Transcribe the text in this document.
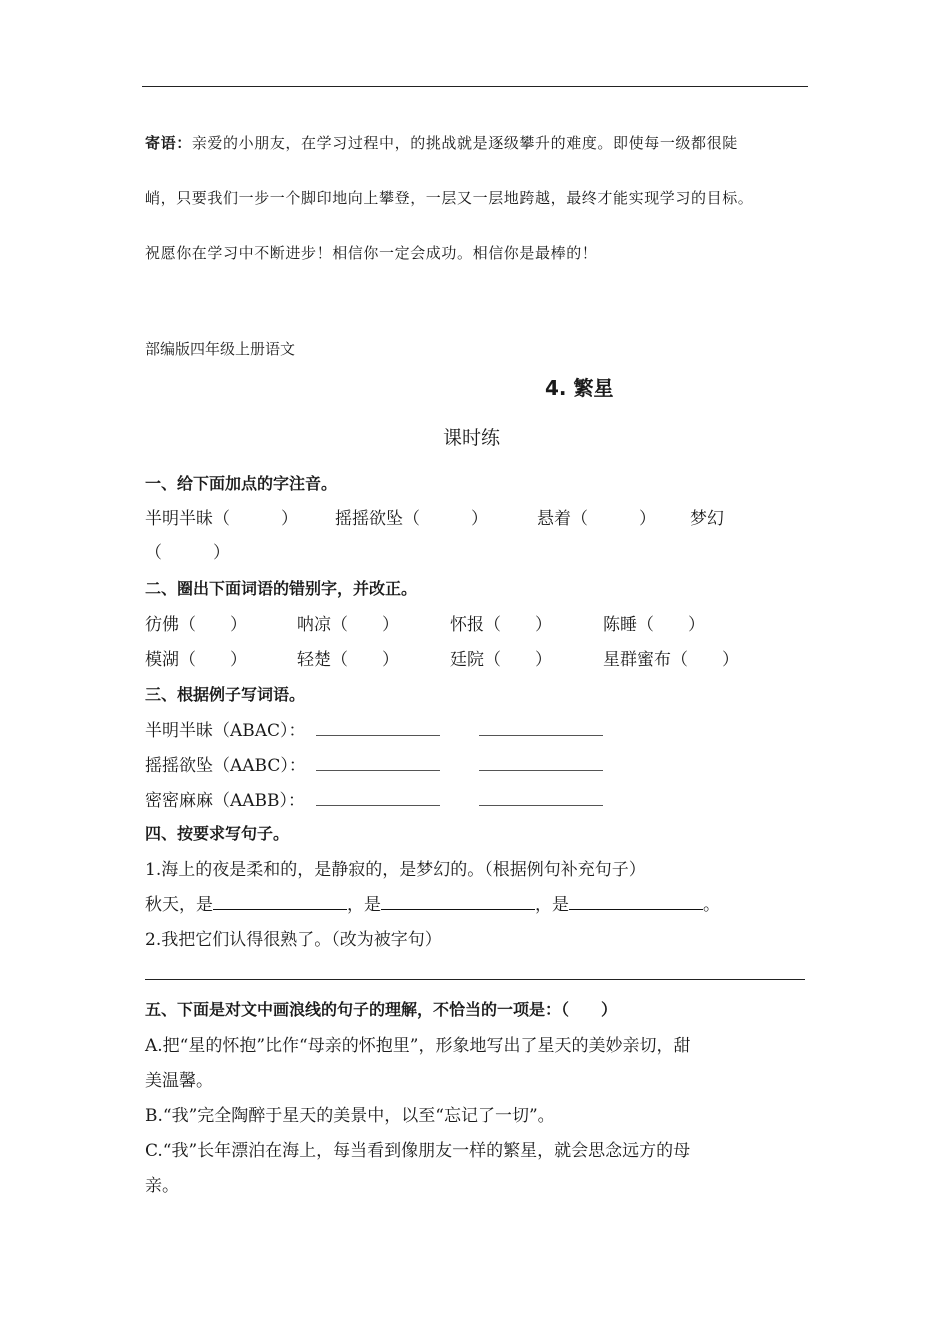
寄语：亲爱的小朋友，在学习过程中，的挑战就是逐级攀升的难度。即使每一级都很陡
峭，只要我们一步一个脚印地向上攀登，一层又一层地跨越，最终才能实现学习的目标。
祝愿你在学习中不断进步！相信你一定会成功。相信你是最棒的！
部编版四年级上册语文
4. 繁星
课时练
一、给下面加点的字注音。
半明半昧（　　　） 摇摇欲坠（　　　）	悬着（　　　） 梦幻
（　　　）
二、圈出下面词语的错别字，并改正。
彷佛（　　）	呐凉（　　）	怀报（　　）	陈睡（　　）
模湖（　　）	轻楚（　　）	廷院（　　）	星群蜜布（　　）
三、根据例子写词语。
半明半昧（ABAC）：
摇摇欲坠（AABC）：
密密麻麻（AABB）：
四、按要求写句子。
1.海上的夜是柔和的，是静寂的，是梦幻的。（根据例句补充句子）
秋天，是	，是	，是	。
2.我把它们认得很熟了。（改为被字句）
五、下面是对文中画浪线的句子的理解，不恰当的一项是：（　　）
A.把“星的怀抱”比作“母亲的怀抱里”，形象地写出了星天的美妙亲切，甜
美温馨。
B.“我”完全陶醉于星天的美景中，以至“忘记了一切”。
C.“我”长年漂泊在海上，每当看到像朋友一样的繁星，就会思念远方的母
亲。
